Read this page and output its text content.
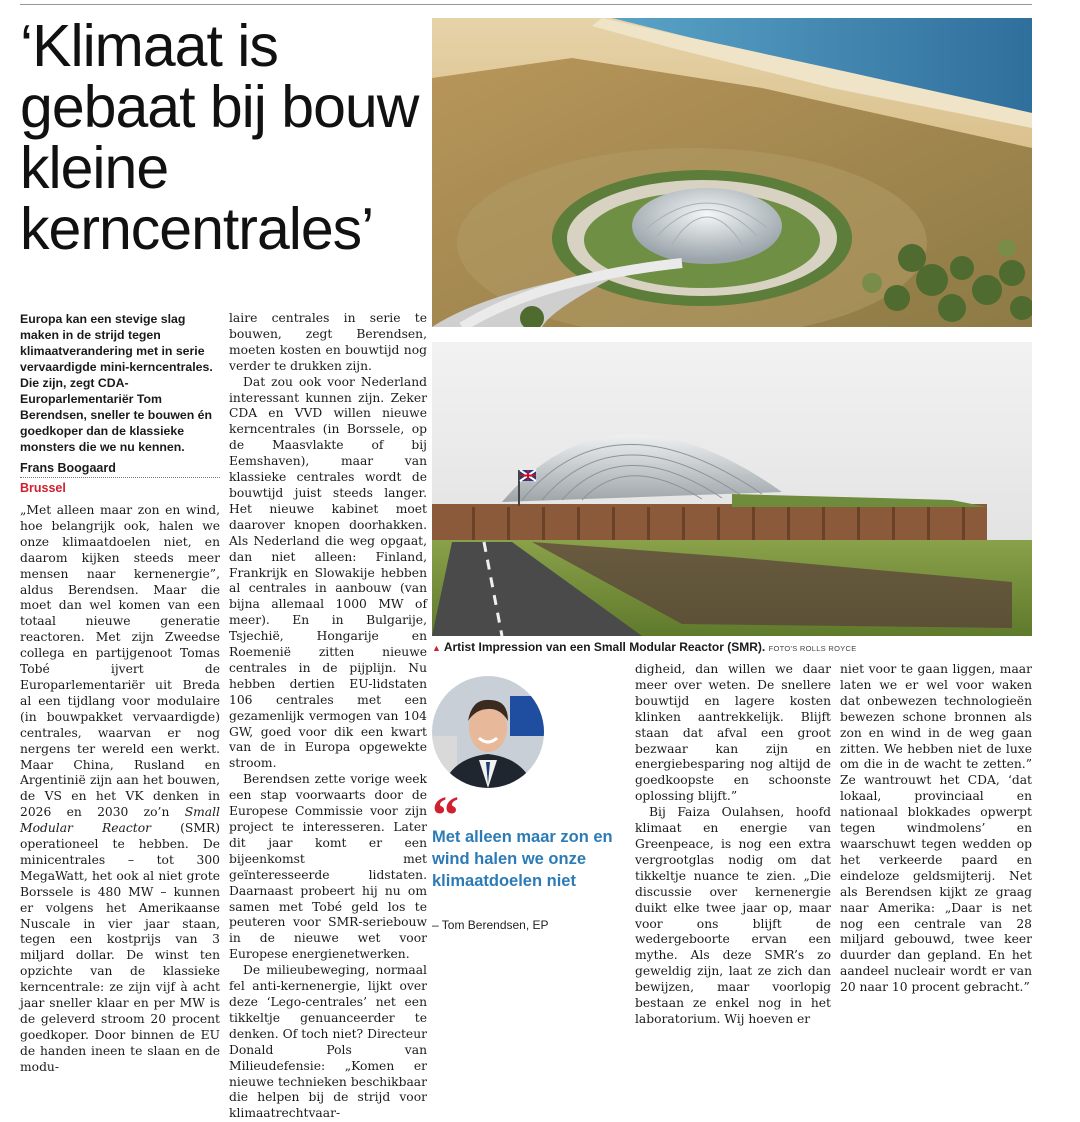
‘Klimaat is gebaat bij bouw kleine kerncentrales’

Europa kan een stevige slag maken in de strijd tegen klimaatverandering met in serie vervaardigde mini-kerncentrales. Die zijn, zegt CDA-Europarlementariër Tom Berendsen, sneller te bouwen én goedkoper dan de klassieke monsters die we nu kennen.

Frans Boogaard
Brussel

„Met alleen maar zon en wind, hoe belangrijk ook, halen we onze klimaatdoelen niet, en daarom kijken steeds meer mensen naar kernenergie”, aldus Berendsen. Maar die moet dan wel komen van een totaal nieuwe generatie reactoren. Met zijn Zweedse collega en partijgenoot Tomas Tobé ijvert de Europarlementariër uit Breda al een tijdlang voor modulaire (in bouwpakket vervaardigde) centrales, waarvan er nog nergens ter wereld een werkt. Maar China, Rusland en Argentinië zijn aan het bouwen, de VS en het VK denken in 2026 en 2030 zo’n Small Modular Reactor (SMR) operationeel te hebben. De minicentrales – tot 300 MegaWatt, het ook al niet grote Borssele is 480 MW – kunnen er volgens het Amerikaanse Nuscale in vier jaar staan, tegen een kostprijs van 3 miljard dollar. De winst ten opzichte van de klassieke kerncentrale: ze zijn vijf à acht jaar sneller klaar en per MW is de geleverd stroom 20 procent goedkoper. Door binnen de EU de handen ineen te slaan en de modu-

laire centrales in serie te bouwen, zegt Berendsen, moeten kosten en bouwtijd nog verder te drukken zijn.

Dat zou ook voor Nederland interessant kunnen zijn. Zeker CDA en VVD willen nieuwe kerncentrales (in Borssele, op de Maasvlakte of bij Eemshaven), maar van klassieke centrales wordt de bouwtijd juist steeds langer. Het nieuwe kabinet moet daarover knopen doorhakken. Als Nederland die weg opgaat, dan niet alleen: Finland, Frankrijk en Slowakije hebben al centrales in aanbouw (van bijna allemaal 1000 MW of meer). En in Bulgarije, Tsjechië, Hongarije en Roemenië zitten nieuwe centrales in de pijplijn. Nu hebben dertien EU-lidstaten 106 centrales met een gezamenlijk vermogen van 104 GW, goed voor dik een kwart van de in Europa opgewekte stroom.

Berendsen zette vorige week een stap voorwaarts door de Europese Commissie voor zijn project te interesseren. Later dit jaar komt er een bijeenkomst met geïnteresseerde lidstaten. Daarnaast probeert hij nu om samen met Tobé geld los te peuteren voor SMR-seriebouw in de nieuwe wet voor Europese energienetwerken.

De milieubeweging, normaal fel anti-kernenergie, lijkt over deze ‘Lego-centrales’ net een tikkeltje genuanceerder te denken. Of toch niet? Directeur Donald Pols van Milieudefensie: „Komen er nieuwe technieken beschikbaar die helpen bij de strijd voor klimaatrechtvaar-

▲ Artist Impression van een Small Modular Reactor (SMR). FOTO'S ROLLS ROYCE
“

Met alleen maar zon en wind halen we onze klimaatdoelen niet

– Tom Berendsen, EP

digheid, dan willen we daar meer over weten. De snellere bouwtijd en lagere kosten klinken aantrekkelijk. Blijft staan dat afval een groot bezwaar kan zijn en energiebesparing nog altijd de goedkoopste en schoonste oplossing blijft.”

Bij Faiza Oulahsen, hoofd klimaat en energie van Greenpeace, is nog een extra vergrootglas nodig om dat tikkeltje nuance te zien. „Die discussie over kernenergie duikt elke twee jaar op, maar voor ons blijft de wedergeboorte ervan een mythe. Als deze SMR’s zo geweldig zijn, laat ze zich dan bewijzen, maar voorlopig bestaan ze enkel nog in het laboratorium. Wij hoeven er

niet voor te gaan liggen, maar laten we er wel voor waken dat onbewezen technologieën bewezen schone bronnen als zon en wind in de weg gaan zitten. We hebben niet de luxe om die in de wacht te zetten.” Ze wantrouwt het CDA, ‘dat lokaal, provinciaal en nationaal blokkades opwerpt tegen windmolens’ en waarschuwt tegen wedden op het verkeerde paard en eindeloze geldsmijterij. Net als Berendsen kijkt ze graag naar Amerika: „Daar is net nog een centrale van 28 miljard gebouwd, twee keer duurder dan gepland. En het aandeel nucleair wordt er van 20 naar 10 procent gebracht.”
